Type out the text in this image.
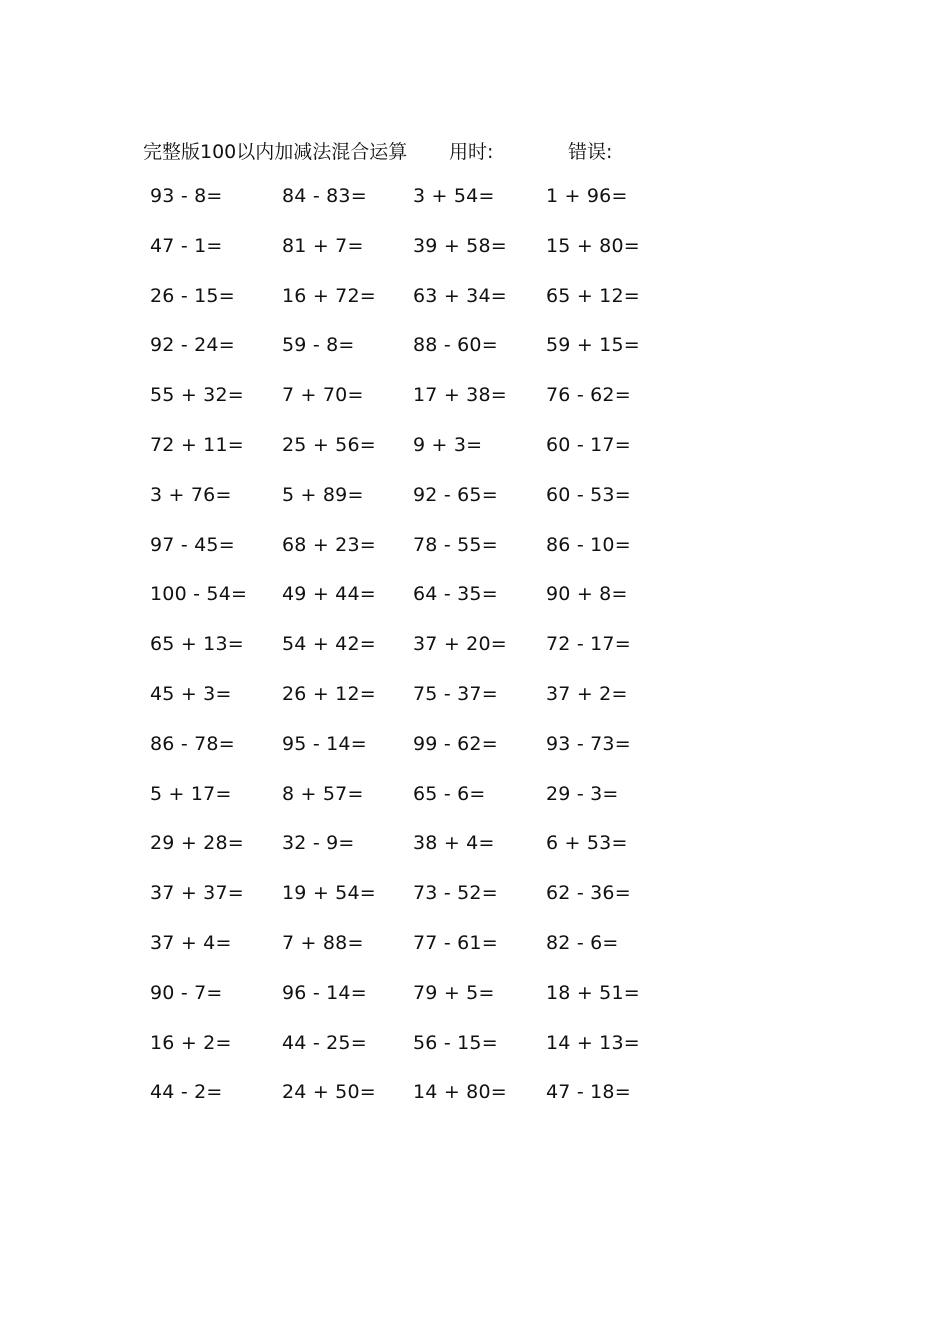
完整版100以内加减法混合运算 用时:	错误:
93 - 8=	84 - 83= 3 + 54=	1 + 96=
47 - 1=	81 + 7=	39 + 58= 15 + 80=
26 - 15= 16 + 72= 63 + 34= 65 + 12=
92 - 24= 59 - 8=	88 - 60=	59 + 15=
55 + 32= 7 + 70=	17 + 38= 76 - 62=
72 + 11= 25 + 56= 9 + 3=	60 - 17=
3 + 76=	5 + 89=	92 - 65=	60 - 53=
97 - 45= 68 + 23= 78 - 55=	86 - 10=
100 - 54= 49 + 44= 64 - 35=	90 + 8=
65 + 13= 54 + 42= 37 + 20= 72 - 17=
45 + 3=	26 + 12= 75 - 37=	37 + 2=
86 - 78= 95 - 14= 99 - 62=	93 - 73=
5 + 17=	8 + 57=	65 - 6=	29 - 3=
29 + 28= 32 - 9=	38 + 4=	6 + 53=
37 + 37= 19 + 54= 73 - 52=	62 - 36=
37 + 4=	7 + 88=	77 - 61=	82 - 6=
90 - 7=	96 - 14= 79 + 5=	18 + 51=
16 + 2=	44 - 25= 56 - 15=	14 + 13=
44 - 2=	24 + 50= 14 + 80= 47 - 18=
